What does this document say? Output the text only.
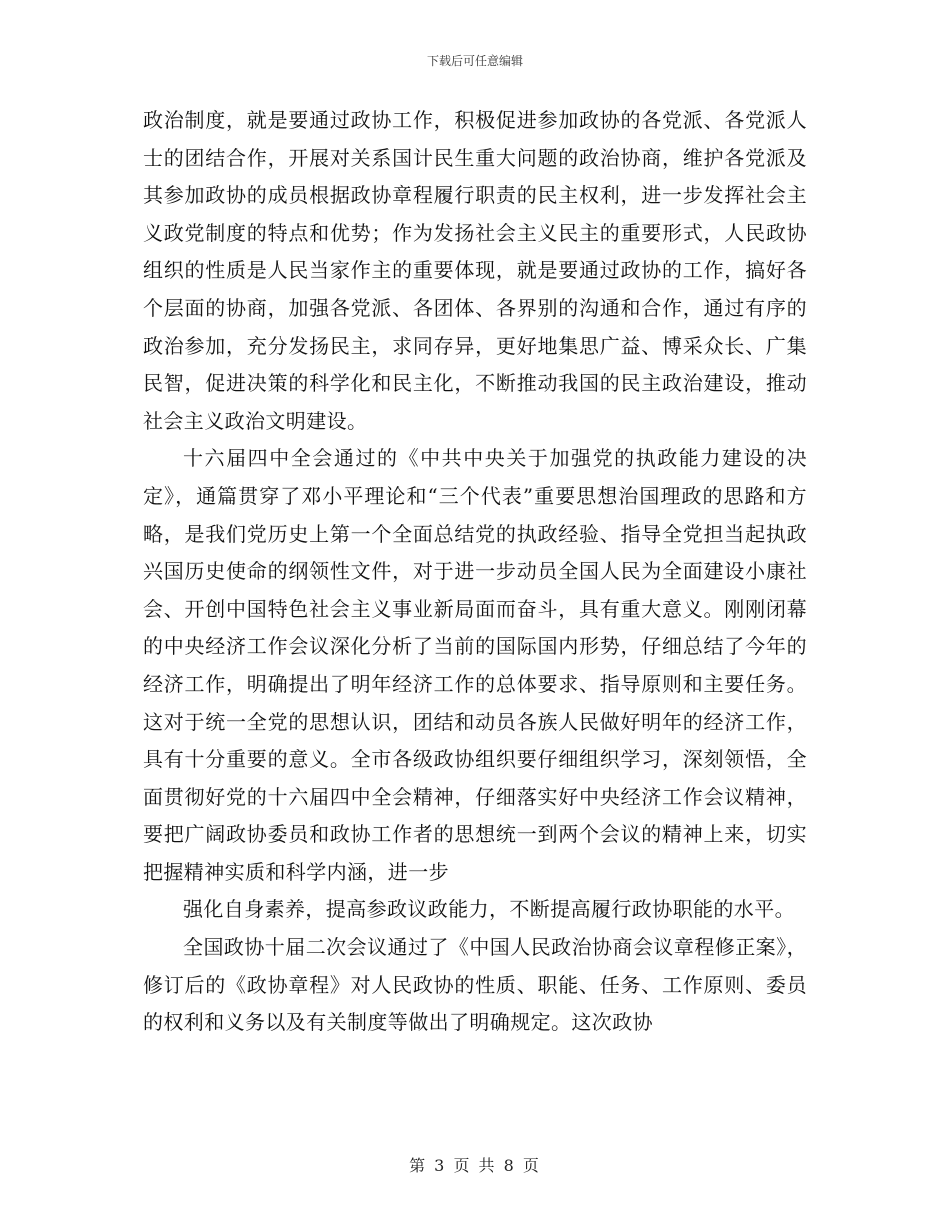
下载后可任意编辑

政治制度，就是要通过政协工作，积极促进参加政协的各党派、各党派人士的团结合作，开展对关系国计民生重大问题的政治协商，维护各党派及其参加政协的成员根据政协章程履行职责的民主权利，进一步发挥社会主义政党制度的特点和优势；作为发扬社会主义民主的重要形式，人民政协组织的性质是人民当家作主的重要体现，就是要通过政协的工作，搞好各个层面的协商，加强各党派、各团体、各界别的沟通和合作，通过有序的政治参加，充分发扬民主，求同存异，更好地集思广益、博采众长、广集民智，促进决策的科学化和民主化，不断推动我国的民主政治建设，推动社会主义政治文明建设。

十六届四中全会通过的《中共中央关于加强党的执政能力建设的决定》，通篇贯穿了邓小平理论和“三个代表”重要思想治国理政的思路和方略，是我们党历史上第一个全面总结党的执政经验、指导全党担当起执政兴国历史使命的纲领性文件，对于进一步动员全国人民为全面建设小康社会、开创中国特色社会主义事业新局面而奋斗，具有重大意义。刚刚闭幕的中央经济工作会议深化分析了当前的国际国内形势，仔细总结了今年的经济工作，明确提出了明年经济工作的总体要求、指导原则和主要任务。这对于统一全党的思想认识，团结和动员各族人民做好明年的经济工作，具有十分重要的意义。全市各级政协组织要仔细组织学习，深刻领悟，全面贯彻好党的十六届四中全会精神，仔细落实好中央经济工作会议精神，要把广阔政协委员和政协工作者的思想统一到两个会议的精神上来，切实把握精神实质和科学内涵，进一步

强化自身素养，提高参政议政能力，不断提高履行政协职能的水平。

全国政协十届二次会议通过了《中国人民政治协商会议章程修正案》，修订后的《政协章程》对人民政协的性质、职能、任务、工作原则、委员的权利和义务以及有关制度等做出了明确规定。这次政协

第 3 页 共 8 页
